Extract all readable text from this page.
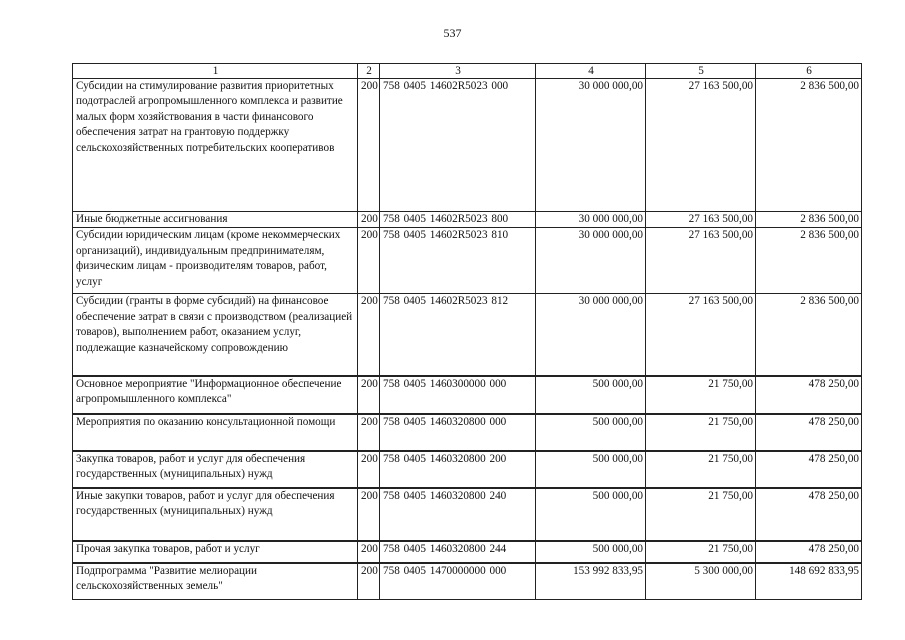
537
1	2	3	4	5	6
Субсидии на стимулирование развития приоритетных подотраслей агропромышленного комплекса и развитие малых форм хозяйствования в части финансового обеспечения затрат на грантовую поддержку сельскохозяйственных потребительских кооперативов	200	758 0405 14602R5023 000	30 000 000,00	27 163 500,00	2 836 500,00
Иные бюджетные ассигнования	200	758 0405 14602R5023 800	30 000 000,00	27 163 500,00	2 836 500,00
Субсидии юридическим лицам (кроме некоммерческих организаций), индивидуальным предпринимателям, физическим лицам - производителям товаров, работ, услуг	200	758 0405 14602R5023 810	30 000 000,00	27 163 500,00	2 836 500,00
Субсидии (гранты в форме субсидий) на финансовое обеспечение затрат в связи с производством (реализацией товаров), выполнением работ, оказанием услуг, подлежащие казначейскому сопровождению	200	758 0405 14602R5023 812	30 000 000,00	27 163 500,00	2 836 500,00
Основное мероприятие "Информационное обеспечение агропромышленного комплекса"	200	758 0405 1460300000 000	500 000,00	21 750,00	478 250,00
Мероприятия по оказанию консультационной помощи	200	758 0405 1460320800 000	500 000,00	21 750,00	478 250,00
Закупка товаров, работ и услуг для обеспечения государственных (муниципальных) нужд	200	758 0405 1460320800 200	500 000,00	21 750,00	478 250,00
Иные закупки товаров, работ и услуг для обеспечения государственных (муниципальных) нужд	200	758 0405 1460320800 240	500 000,00	21 750,00	478 250,00
Прочая закупка товаров, работ и услуг	200	758 0405 1460320800 244	500 000,00	21 750,00	478 250,00
Подпрограмма "Развитие мелиорации сельскохозяйственных земель"	200	758 0405 1470000000 000	153 992 833,95	5 300 000,00	148 692 833,95
